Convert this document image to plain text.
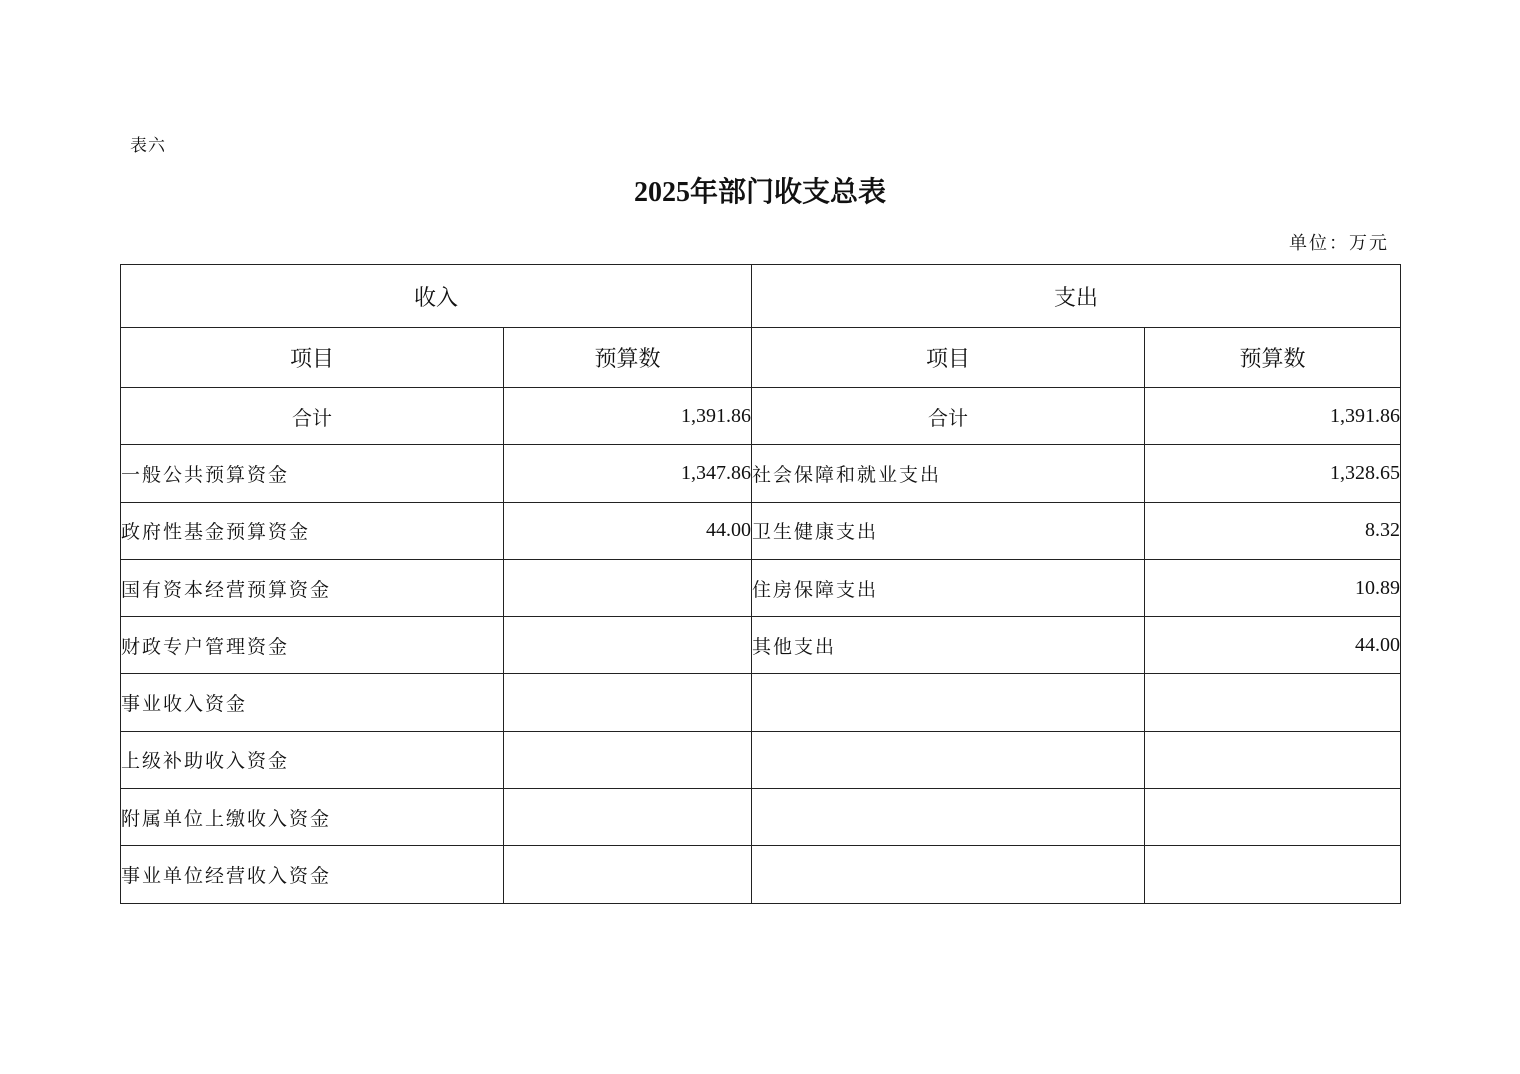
表六
2025年部门收支总表
单位：万元
收入		支出	
项目	预算数	项目	预算数
合计	1,391.86	合计	1,391.86
一般公共预算资金	1,347.86	社会保障和就业支出	1,328.65
政府性基金预算资金	44.00	卫生健康支出	8.32
国有资本经营预算资金		住房保障支出	10.89
财政专户管理资金		其他支出	44.00
事业收入资金			
上级补助收入资金			
附属单位上缴收入资金			
事业单位经营收入资金			
